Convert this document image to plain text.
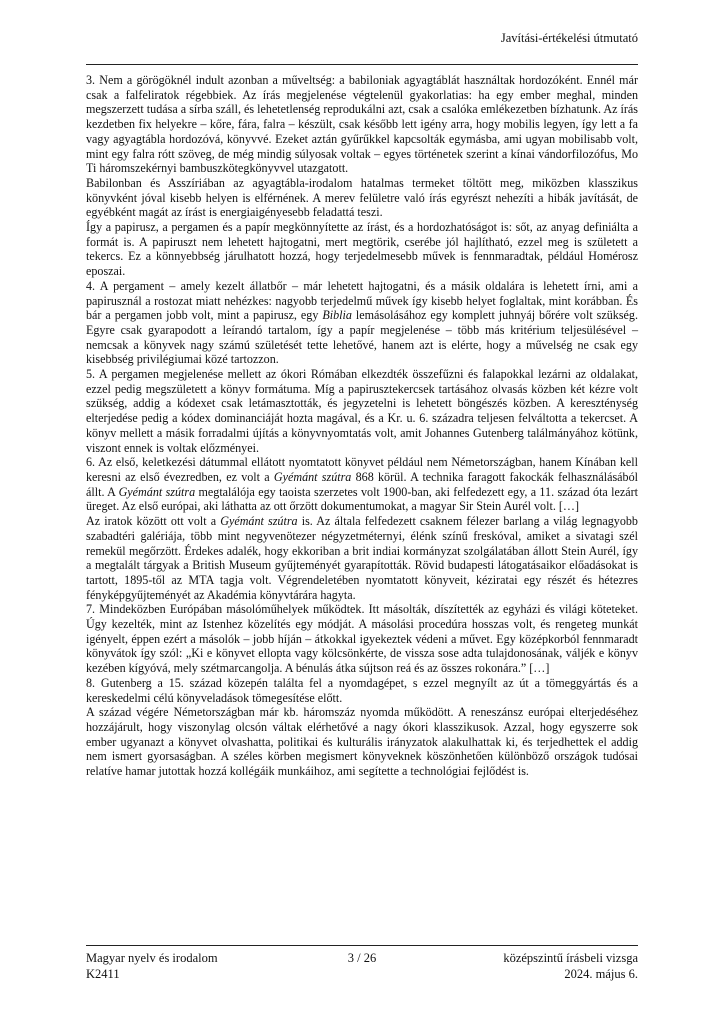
Javítási-értékelési útmutató

3. Nem a görögöknél indult azonban a műveltség: a babiloniak agyagtáblát használtak hordozóként. Ennél már csak a falfeliratok régebbiek. Az írás megjelenése végtelenül gyakorlatias: ha egy ember meghal, minden megszerzett tudása a sírba száll, és lehetetlenség reprodukálni azt, csak a csalóka emlékezetben bízhatunk. Az írás kezdetben fix helyekre – kőre, fára, falra – készült, csak később lett igény arra, hogy mobilis legyen, így lett a fa vagy agyagtábla hordozóvá, könyvvé. Ezeket aztán gyűrűkkel kapcsolták egymásba, ami ugyan mobilisabb volt, mint egy falra rótt szöveg, de még mindig súlyosak voltak – egyes történetek szerint a kínai vándorfilozófus, Mo Ti háromszekérnyi bambuszkötegkönyvvel utazgatott.

Babilonban és Asszíriában az agyagtábla-irodalom hatalmas termeket töltött meg, miközben klasszikus könyvként jóval kisebb helyen is elférnének. A merev felületre való írás egyrészt nehezíti a hibák javítását, de egyébként magát az írást is energiaigényesebb feladattá teszi.

Így a papirusz, a pergamen és a papír megkönnyítette az írást, és a hordozhatóságot is: sőt, az anyag definiálta a formát is. A papiruszt nem lehetett hajtogatni, mert megtörik, cserébe jól hajlítható, ezzel meg is született a tekercs. Ez a könnyebbség járulhatott hozzá, hogy terjedelmesebb művek is fennmaradtak, például Homérosz eposzai.

4. A pergament – amely kezelt állatbőr – már lehetett hajtogatni, és a másik oldalára is lehetett írni, ami a papirusznál a rostozat miatt nehézkes: nagyobb terjedelmű művek így kisebb helyet foglaltak, mint korábban. És bár a pergamen jobb volt, mint a papirusz, egy Biblia lemásolásához egy komplett juhnyáj bőrére volt szükség. Egyre csak gyarapodott a leírandó tartalom, így a papír megjelenése – több más kritérium teljesülésével – nemcsak a könyvek nagy számú születését tette lehetővé, hanem azt is elérte, hogy a művelség ne csak egy kisebbség privilégiumai közé tartozzon.

5. A pergamen megjelenése mellett az ókori Rómában elkezdték összefűzni és falapokkal lezárni az oldalakat, ezzel pedig megszületett a könyv formátuma. Míg a papirusztekercsek tartásához olvasás közben két kézre volt szükség, addig a kódexet csak letámasztották, és jegyzetelni is lehetett böngészés közben. A kereszténység elterjedése pedig a kódex dominanciáját hozta magával, és a Kr. u. 6. századra teljesen felváltotta a tekercset. A könyv mellett a másik forradalmi újítás a könyvnyomtatás volt, amit Johannes Gutenberg találmányához kötünk, viszont ennek is voltak előzményei.

6. Az első, keletkezési dátummal ellátott nyomtatott könyvet például nem Németországban, hanem Kínában kell keresni az első évezredben, ez volt a Gyémánt szútra 868 körül. A technika faragott fakockák felhasználásából állt. A Gyémánt szútra megtalálója egy taoista szerzetes volt 1900-ban, aki felfedezett egy, a 11. század óta lezárt üreget. Az első európai, aki láthatta az ott őrzött dokumentumokat, a magyar Sir Stein Aurél volt. […]

Az iratok között ott volt a Gyémánt szútra is. Az általa felfedezett csaknem félezer barlang a világ legnagyobb szabadtéri galériája, több mint negyvenötezer négyzetméternyi, élénk színű freskóval, amiket a sivatagi szél remekül megőrzött. Érdekes adalék, hogy ekkoriban a brit indiai kormányzat szolgálatában állott Stein Aurél, így a megtalált tárgyak a British Museum gyűjteményét gyarapították. Rövid budapesti látogatásaikor előadásokat is tartott, 1895-től az MTA tagja volt. Végrendeletében nyomtatott könyveit, kéziratai egy részét és hétezres fényképgyűjteményét az Akadémia könyvtárára hagyta.

7. Mindeközben Európában másolóműhelyek működtek. Itt másolták, díszítették az egyházi és világi köteteket. Úgy kezelték, mint az Istenhez közelítés egy módját. A másolási procedúra hosszas volt, és rengeteg munkát igényelt, éppen ezért a másolók – jobb híján – átkokkal igyekeztek védeni a művet. Egy középkorból fennmaradt könyvátok így szól: „Ki e könyvet ellopta vagy kölcsönkérte, de vissza sose adta tulajdonosának, váljék e könyv kezében kígyóvá, mely szétmarcangolja. A bénulás átka sújtson reá és az összes rokonára.” […]

8. Gutenberg a 15. század közepén találta fel a nyomdagépet, s ezzel megnyílt az út a tömeggyártás és a kereskedelmi célú könyveladások tömegesítése előtt.

A század végére Németországban már kb. háromszáz nyomda működött. A reneszánsz európai elterjedéséhez hozzájárult, hogy viszonylag olcsón váltak elérhetővé a nagy ókori klasszikusok. Azzal, hogy egyszerre sok ember ugyanazt a könyvet olvashatta, politikai és kulturális irányzatok alakulhattak ki, és terjedhettek el addig nem ismert gyorsaságban. A széles körben megismert könyveknek köszönhetően különböző országok tudósai relatíve hamar jutottak hozzá kollégáik munkáihoz, ami segítette a technológiai fejlődést is.

Magyar nyelv és irodalom	3 / 26	középszintű írásbeli vizsga
K2411	2024. május 6.
